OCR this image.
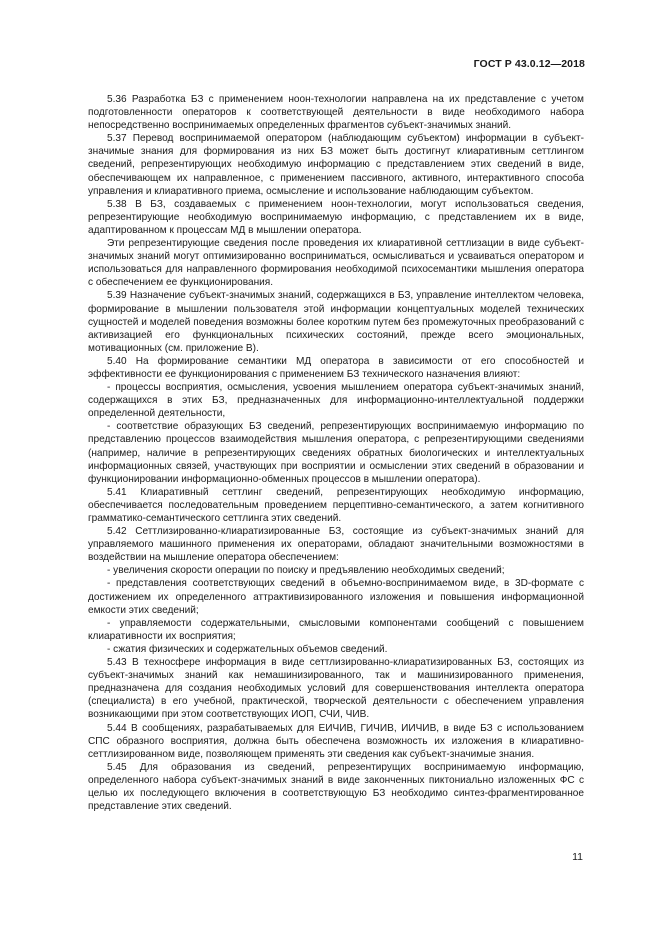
ГОСТ Р 43.0.12—2018

5.36 Разработка БЗ с применением ноон-технологии направлена на их представление с учетом подготовленности операторов к соответствующей деятельности в виде необходимого набора непосредственно воспринимаемых определенных фрагментов субъект-значимых знаний.

5.37 Перевод воспринимаемой оператором (наблюдающим субъектом) информации в субъект-значимые знания для формирования из них БЗ может быть достигнут клиаративным сеттлингом сведений, репрезентирующих необходимую информацию с представлением этих сведений в виде, обеспечивающем их направленное, с применением пассивного, активного, интерактивного способа управления и клиаративного приема, осмысление и использование наблюдающим субъектом.

5.38 В БЗ, создаваемых с применением ноон-технологии, могут использоваться сведения, репрезентирующие необходимую воспринимаемую информацию, с представлением их в виде, адаптированном к процессам МД в мышлении оператора.

Эти репрезентирующие сведения после проведения их клиаративной сеттлизации в виде субъект-значимых знаний могут оптимизированно восприниматься, осмысливаться и усваиваться оператором и использоваться для направленного формирования необходимой психосемантики мышления оператора с обеспечением ее функционирования.

5.39 Назначение субъект-значимых знаний, содержащихся в БЗ, управление интеллектом человека, формирование в мышлении пользователя этой информации концептуальных моделей технических сущностей и моделей поведения возможны более коротким путем без промежуточных преобразований с активизацией его функциональных психических состояний, прежде всего эмоциональных, мотивационных (см. приложение В).

5.40 На формирование семантики МД оператора в зависимости от его способностей и эффективности ее функционирования с применением БЗ технического назначения влияют:

- процессы восприятия, осмысления, усвоения мышлением оператора субъект-значимых знаний, содержащихся в этих БЗ, предназначенных для информационно-интеллектуальной поддержки определенной деятельности,

- соответствие образующих БЗ сведений, репрезентирующих воспринимаемую информацию по представлению процессов взаимодействия мышления оператора, с репрезентирующими сведениями (например, наличие в репрезентирующих сведениях обратных биологических и интеллектуальных информационных связей, участвующих при восприятии и осмыслении этих сведений в образовании и функционировании информационно-обменных процессов в мышлении оператора).

5.41 Клиаративный сеттлинг сведений, репрезентирующих необходимую информацию, обеспечивается последовательным проведением перцептивно-семантического, а затем когнитивного грамматико-семантического сеттлинга этих сведений.

5.42 Сеттлизированно-клиаратизированные БЗ, состоящие из субъект-значимых знаний для управляемого машинного применения их операторами, обладают значительными возможностями в воздействии на мышление оператора обеспечением:

- увеличения скорости операции по поиску и предъявлению необходимых сведений;

- представления соответствующих сведений в объемно-воспринимаемом виде, в 3D-формате с достижением их определенного аттрактивизированного изложения и повышения информационной емкости этих сведений;

- управляемости содержательными, смысловыми компонентами сообщений с повышением клиаративности их восприятия;

- сжатия физических и содержательных объемов сведений.

5.43 В техносфере информация в виде сеттлизированно-клиаратизированных БЗ, состоящих из субъект-значимых знаний как немашинизированного, так и машинизированного применения, предназначена для создания необходимых условий для совершенствования интеллекта оператора (специалиста) в его учебной, практической, творческой деятельности с обеспечением управления возникающими при этом соответствующих ИОП, СЧИ, ЧИВ.

5.44 В сообщениях, разрабатываемых для ЕИЧИВ, ГИЧИВ, ИИЧИВ, в виде БЗ с использованием СПС образного восприятия, должна быть обеспечена возможность их изложения в клиаративно-сеттлизированном виде, позволяющем применять эти сведения как субъект-значимые знания.

5.45 Для образования из сведений, репрезентирущих воспринимаемую информацию, определенного набора субъект-значимых знаний в виде законченных пиктониально изложенных ФС с целью их последующего включения в соответствующую БЗ необходимо синтез-фрагментированное представление этих сведений.

11
